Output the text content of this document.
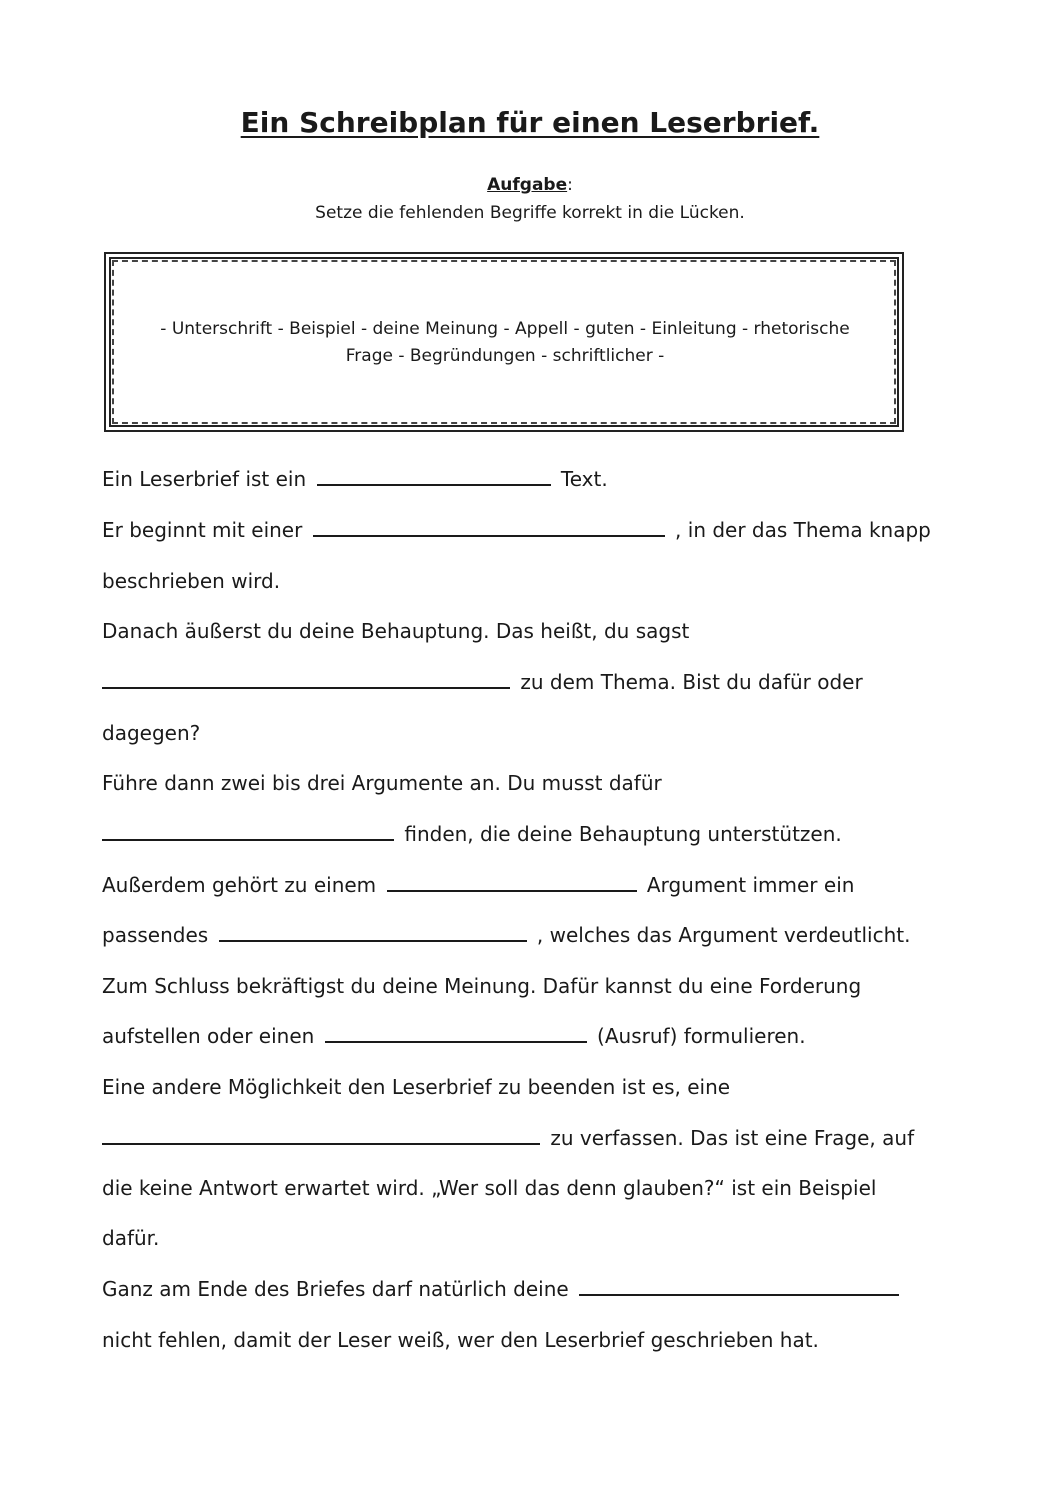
Ein Schreibplan für einen Leserbrief.
Aufgabe:
Setze die fehlenden Begriffe korrekt in die Lücken.
- Unterschrift - Beispiel - deine Meinung - Appell - guten - Einleitung - rhetorische
Frage - Begründungen - schriftlicher -
Ein Leserbrief ist ein	Text.
Er beginnt mit einer	, in der das Thema knapp
beschrieben wird.
Danach äußerst du deine Behauptung. Das heißt, du sagst
zu dem Thema. Bist du dafür oder
dagegen?
Führe dann zwei bis drei Argumente an. Du musst dafür
finden, die deine Behauptung unterstützen.
Außerdem gehört zu einem	Argument immer ein
passendes	, welches das Argument verdeutlicht.
Zum Schluss bekräftigst du deine Meinung. Dafür kannst du eine Forderung
aufstellen oder einen	(Ausruf) formulieren.
Eine andere Möglichkeit den Leserbrief zu beenden ist es, eine
zu verfassen. Das ist eine Frage, auf
die keine Antwort erwartet wird. „Wer soll das denn glauben?“ ist ein Beispiel
dafür.
Ganz am Ende des Briefes darf natürlich deine
nicht fehlen, damit der Leser weiß, wer den Leserbrief geschrieben hat.
